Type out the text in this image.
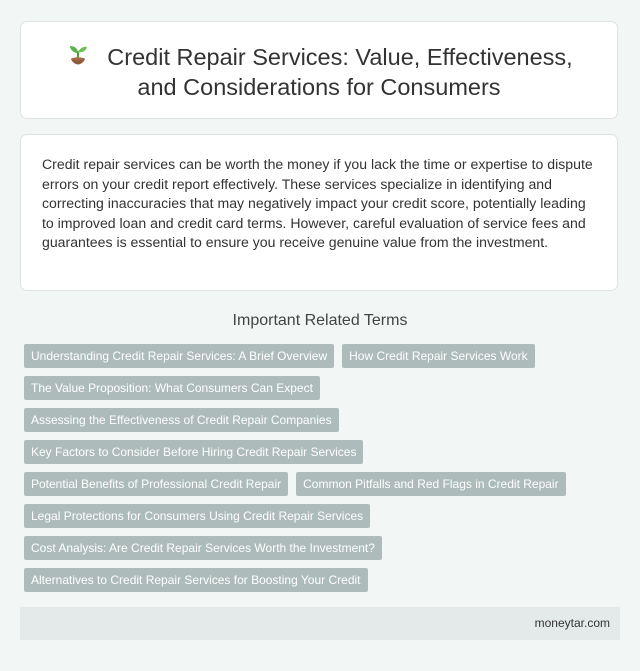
Credit Repair Services: Value, Effectiveness,
and Considerations for Consumers

Credit repair services can be worth the money if you lack the time or expertise to dispute errors on your credit report effectively. These services specialize in identifying and correcting inaccuracies that may negatively impact your credit score, potentially leading to improved loan and credit card terms. However, careful evaluation of service fees and guarantees is essential to ensure you receive genuine value from the investment.

Important Related Terms
Understanding Credit Repair Services: A Brief Overview	How Credit Repair Services Work
The Value Proposition: What Consumers Can Expect
Assessing the Effectiveness of Credit Repair Companies
Key Factors to Consider Before Hiring Credit Repair Services
Potential Benefits of Professional Credit Repair	Common Pitfalls and Red Flags in Credit Repair
Legal Protections for Consumers Using Credit Repair Services
Cost Analysis: Are Credit Repair Services Worth the Investment?
Alternatives to Credit Repair Services for Boosting Your Credit
moneytar.com
